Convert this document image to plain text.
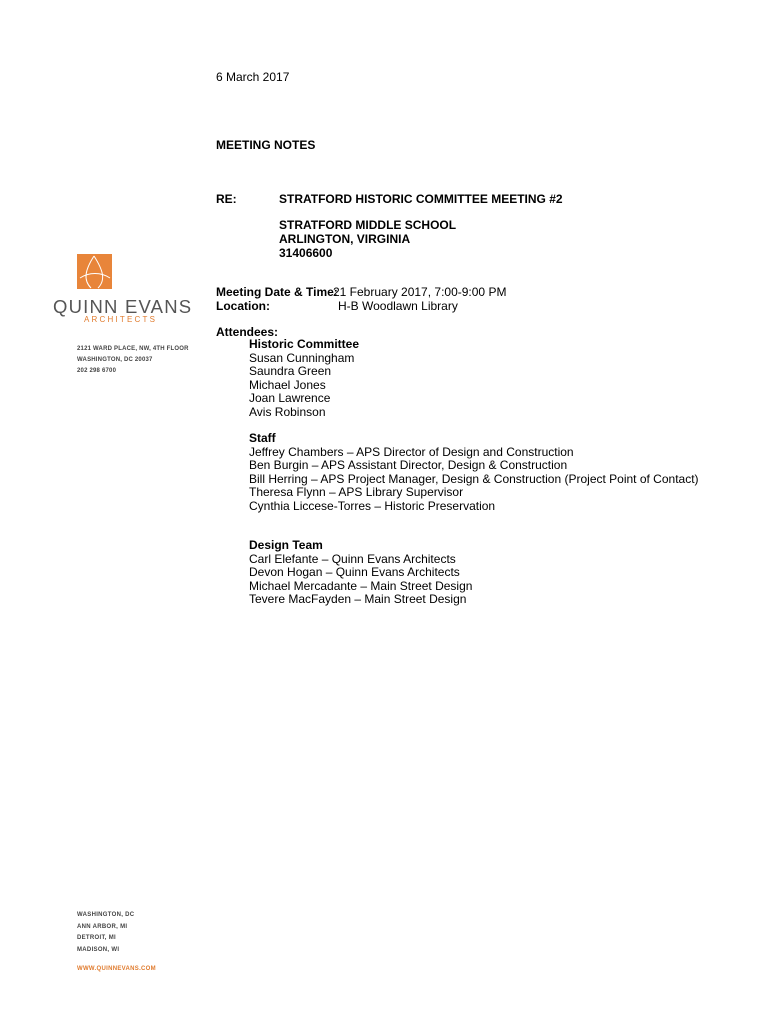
QUINN EVANS
ARCHITECTS
2121 WARD PLACE, NW, 4TH FLOOR
WASHINGTON, DC 20037
202 298 6700
WASHINGTON, DC
ANN ARBOR, MI
DETROIT, MI
MADISON, WI
WWW.QUINNEVANS.COM
6 March 2017
MEETING NOTES
RE:	STRATFORD HISTORIC COMMITTEE MEETING #2
STRATFORD MIDDLE SCHOOL
ARLINGTON, VIRGINIA
31406600
Meeting Date & Time:
21 February 2017, 7:00-9:00 PM
Location:	H-B Woodlawn Library
Attendees:
Historic Committee
Susan Cunningham
Saundra Green
Michael Jones
Joan Lawrence
Avis Robinson
Staff
Jeffrey Chambers – APS Director of Design and Construction
Ben Burgin – APS Assistant Director, Design & Construction
Bill Herring – APS Project Manager, Design & Construction (Project Point of Contact)
Theresa Flynn – APS Library Supervisor
Cynthia Liccese-Torres – Historic Preservation
Design Team
Carl Elefante – Quinn Evans Architects
Devon Hogan – Quinn Evans Architects
Michael Mercadante – Main Street Design
Tevere MacFayden – Main Street Design
